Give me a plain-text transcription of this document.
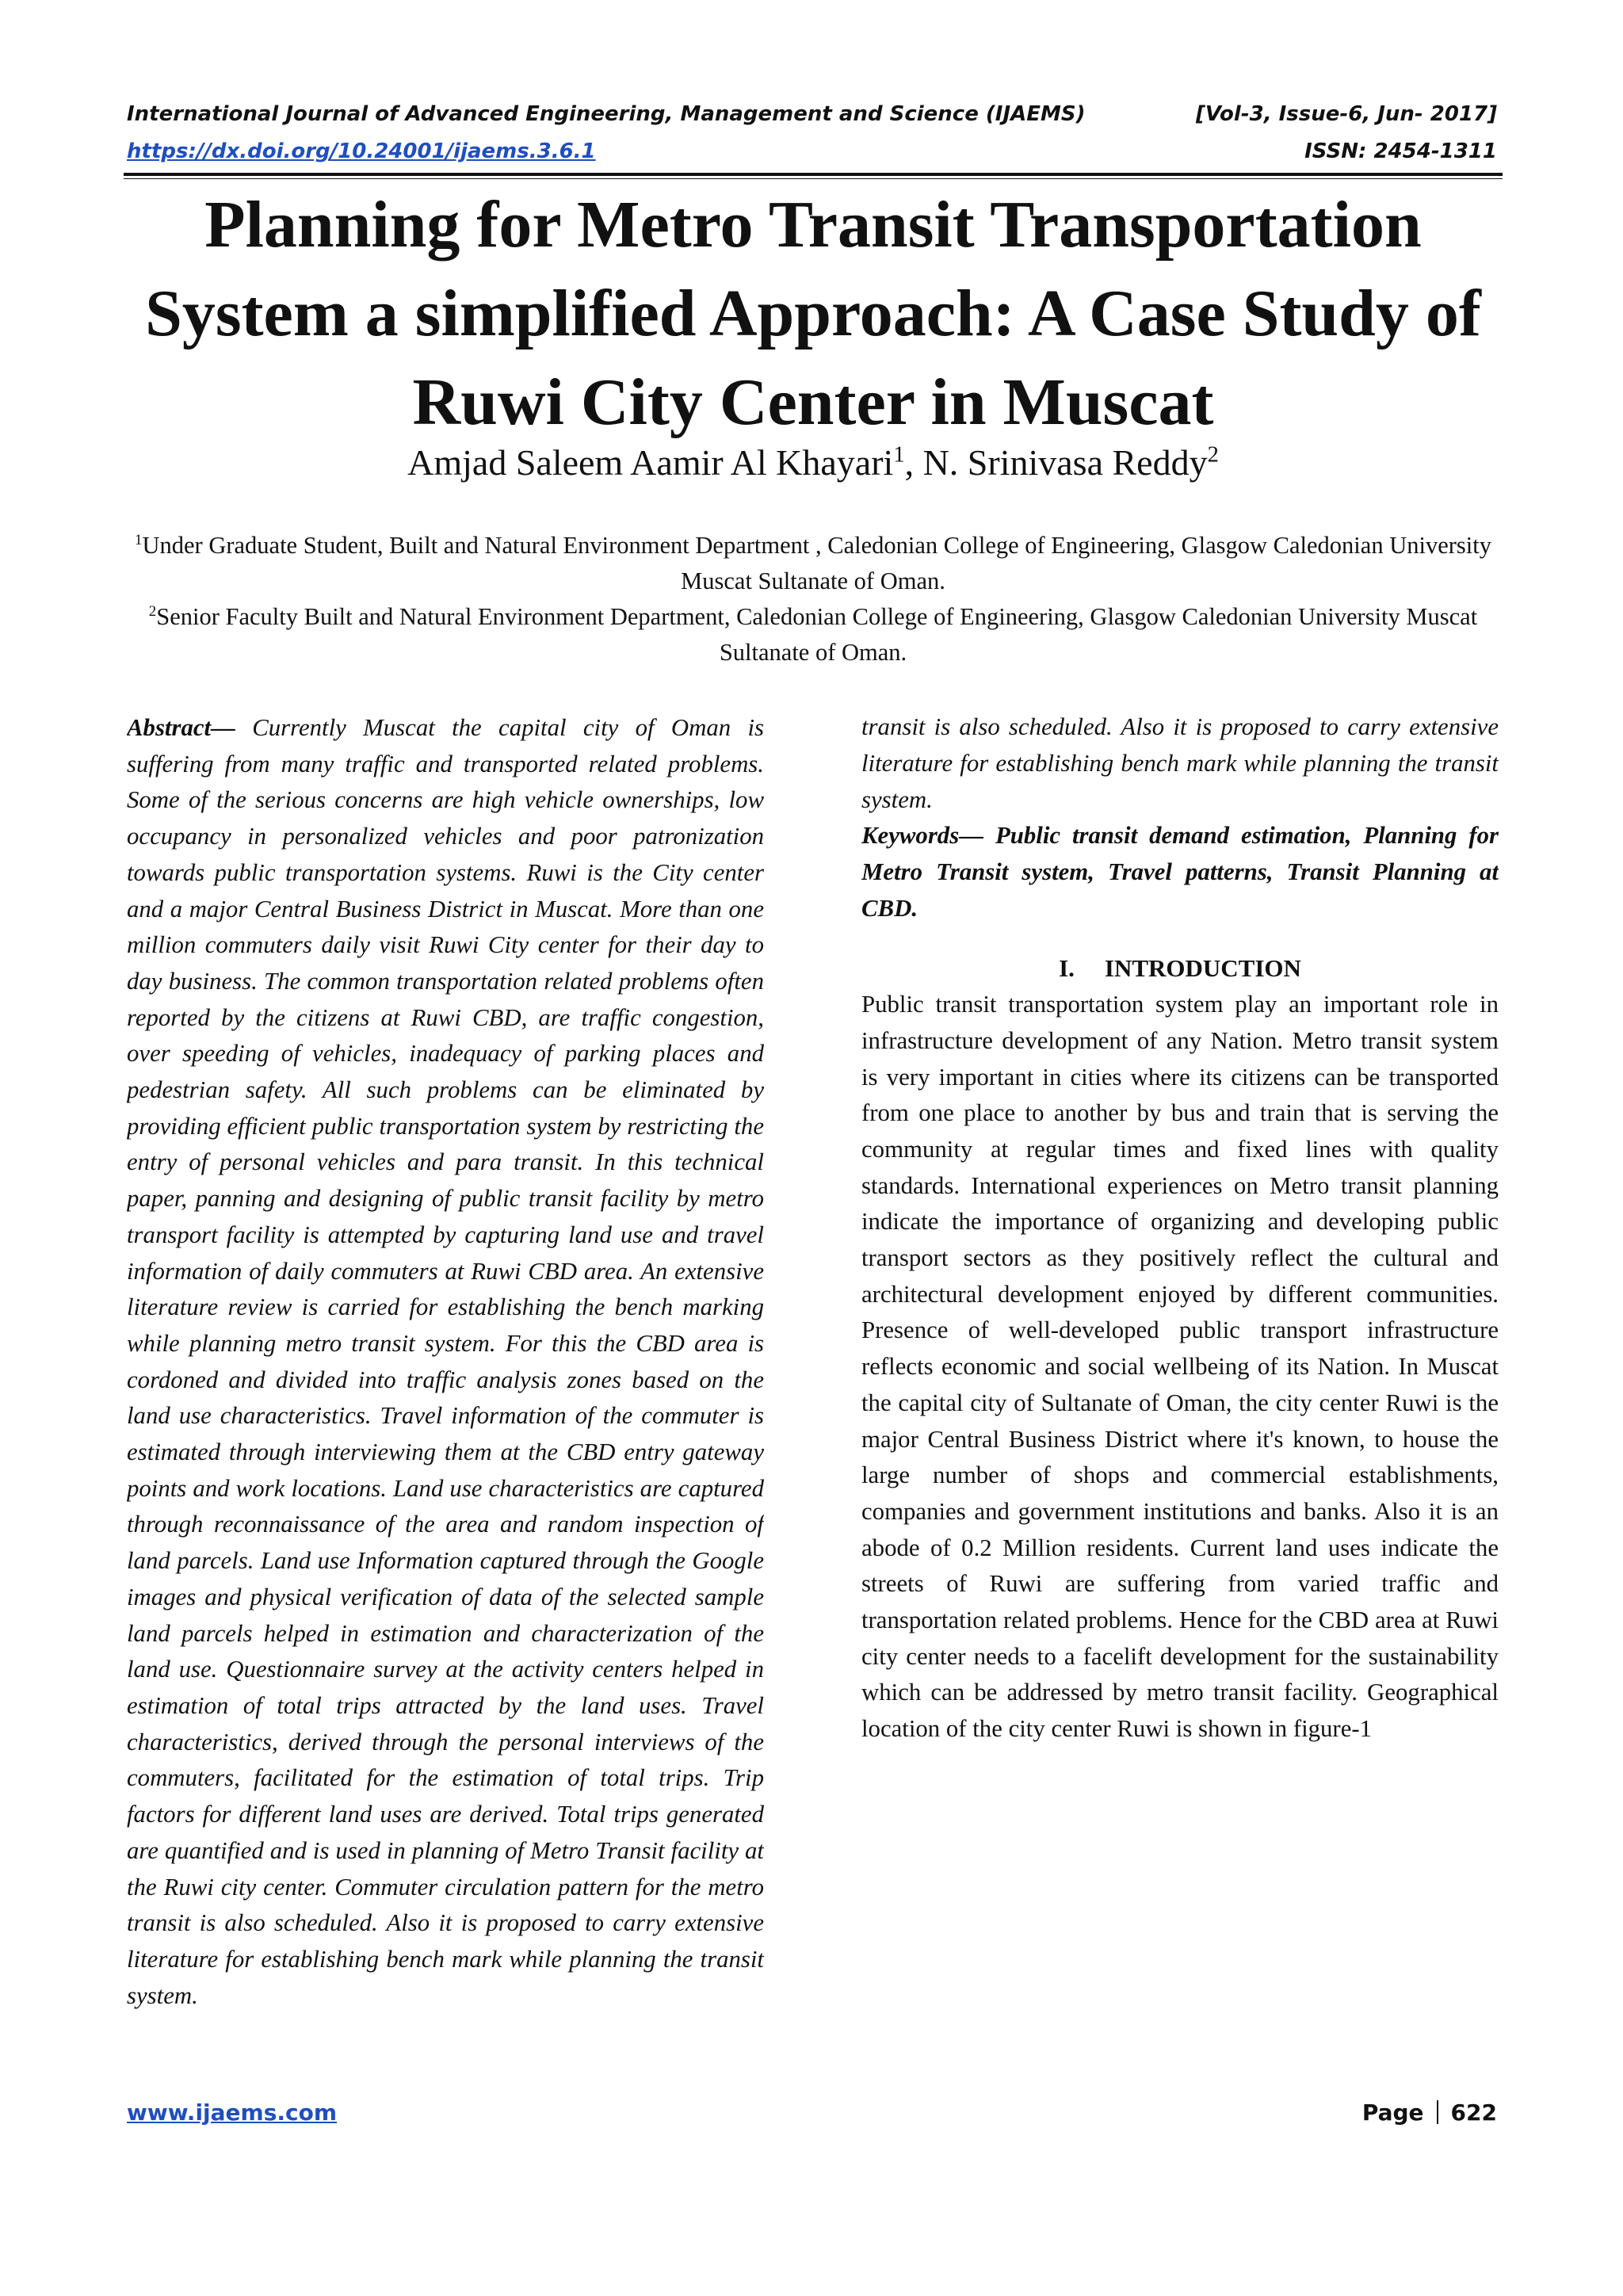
International Journal of Advanced Engineering, Management and Science (IJAEMS)	[Vol-3, Issue-6, Jun- 2017]
https://dx.doi.org/10.24001/ijaems.3.6.1	ISSN: 2454-1311
Planning for Metro Transit Transportation System a simplified Approach: A Case Study of Ruwi City Center in Muscat
Amjad Saleem Aamir Al Khayari$^1$, N. Srinivasa Reddy$^2$
$^1$Under Graduate Student, Built and Natural Environment Department , Caledonian College of Engineering, Glasgow Caledonian University Muscat Sultanate of Oman.
$^2$Senior Faculty Built and Natural Environment Department, Caledonian College of Engineering, Glasgow Caledonian University Muscat Sultanate of Oman.

Abstract— Currently Muscat the capital city of Oman is suffering from many traffic and transported related problems. Some of the serious concerns are high vehicle ownerships, low occupancy in personalized vehicles and poor patronization towards public transportation systems. Ruwi is the City center and a major Central Business District in Muscat. More than one million commuters daily visit Ruwi City center for their day to day business. The common transportation related problems often reported by the citizens at Ruwi CBD, are traffic congestion, over speeding of vehicles, inadequacy of parking places and pedestrian safety. All such problems can be eliminated by providing efficient public transportation system by restricting the entry of personal vehicles and para transit. In this technical paper, panning and designing of public transit facility by metro transport facility is attempted by capturing land use and travel information of daily commuters at Ruwi CBD area. An extensive literature review is carried for establishing the bench marking while planning metro transit system. For this the CBD area is cordoned and divided into traffic analysis zones based on the land use characteristics. Travel information of the commuter is estimated through interviewing them at the CBD entry gateway points and work locations. Land use characteristics are captured through reconnaissance of the area and random inspection of land parcels. Land use Information captured through the Google images and physical verification of data of the selected sample land parcels helped in estimation and characterization of the land use. Questionnaire survey at the activity centers helped in estimation of total trips attracted by the land uses. Travel characteristics, derived through the personal interviews of the commuters, facilitated for the estimation of total trips. Trip factors for different land uses are derived. Total trips generated are quantified and is used in planning of Metro Transit facility at the Ruwi city center. Commuter circulation pattern for the metro transit is also scheduled. Also it is proposed to carry extensive literature for establishing bench mark while planning the transit system.

transit is also scheduled. Also it is proposed to carry extensive literature for establishing bench mark while planning the transit system.

Keywords— Public transit demand estimation, Planning for Metro Transit system, Travel patterns, Transit Planning at CBD.

I. INTRODUCTION

Public transit transportation system play an important role in infrastructure development of any Nation. Metro transit system is very important in cities where its citizens can be transported from one place to another by bus and train that is serving the community at regular times and fixed lines with quality standards. International experiences on Metro transit planning indicate the importance of organizing and developing public transport sectors as they positively reflect the cultural and architectural development enjoyed by different communities. Presence of well-developed public transport infrastructure reflects economic and social wellbeing of its Nation. In Muscat the capital city of Sultanate of Oman, the city center Ruwi is the major Central Business District where it's known, to house the large number of shops and commercial establishments, companies and government institutions and banks. Also it is an abode of 0.2 Million residents. Current land uses indicate the streets of Ruwi are suffering from varied traffic and transportation related problems. Hence for the CBD area at Ruwi city center needs to a facelift development for the sustainability which can be addressed by metro transit facility. Geographical location of the city center Ruwi is shown in figure-1

www.ijaems.com	Page 622
